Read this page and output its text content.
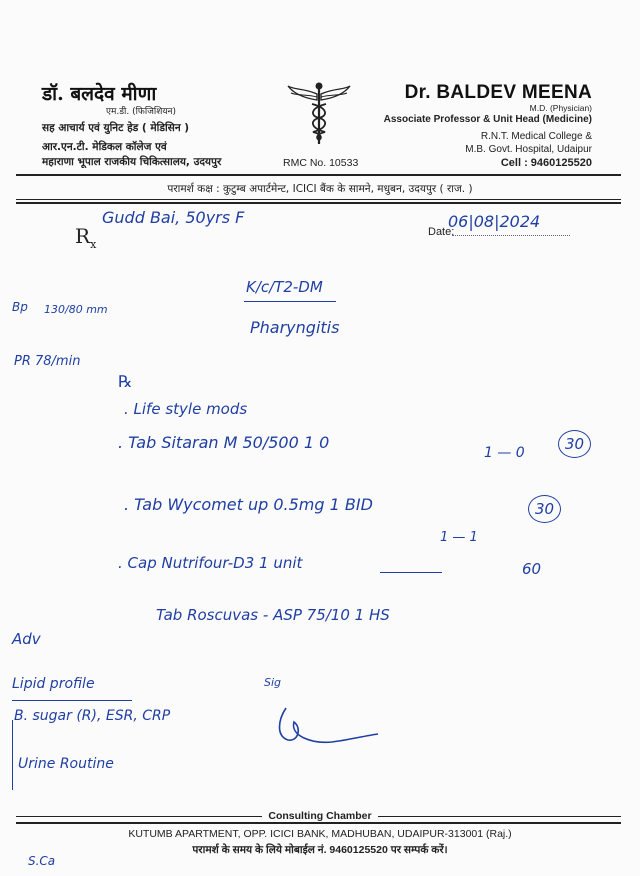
डॉ. बलदेव मीणा
एम.डी. (फिजिशियन)
सह आचार्य एवं युनिट हेड ( मेडिसिन )
आर.एन.टी. मेडिकल कॉलेज एवं
महाराणा भूपाल राजकीय चिकित्सालय, उदयपुर	RMC No. 10533
Dr. BALDEV MEENA
M.D. (Physician)
Associate Professor & Unit Head (Medicine)
R.N.T. Medical College &
M.B. Govt. Hospital, Udaipur
Cell : 9460125520
परामर्श कक्ष : कुटुम्ब अपार्टमेन्ट, ICICI बैंक के सामने, मधुबन, उदयपुर ( राज. )
$R_x$
Gudd Bai, 50yrs F
Date:
06|08|2024
K/c/T2-DM
Pharyngitis
Bp 130/80 mm
PR 78/min
℞
. Life style mods
. Tab Sitaran M 50/500 1 0
1 — 0	30
. Tab Wycomet up 0.5mg 1 BID
1 — 1
30
. Cap Nutrifour-D3 1 unit	60
Tab Roscuvas - ASP 75/10 1 HS
Adv
Lipid profile
B. sugar (R), ESR, CRP
Urine Routine
Sig
Consulting Chamber
KUTUMB APARTMENT, OPP. ICICI BANK, MADHUBAN, UDAIPUR-313001 (Raj.)
परामर्श के समय के लिये मोबाईल नं. 9460125520 पर सम्पर्क करें।
S.Ca
